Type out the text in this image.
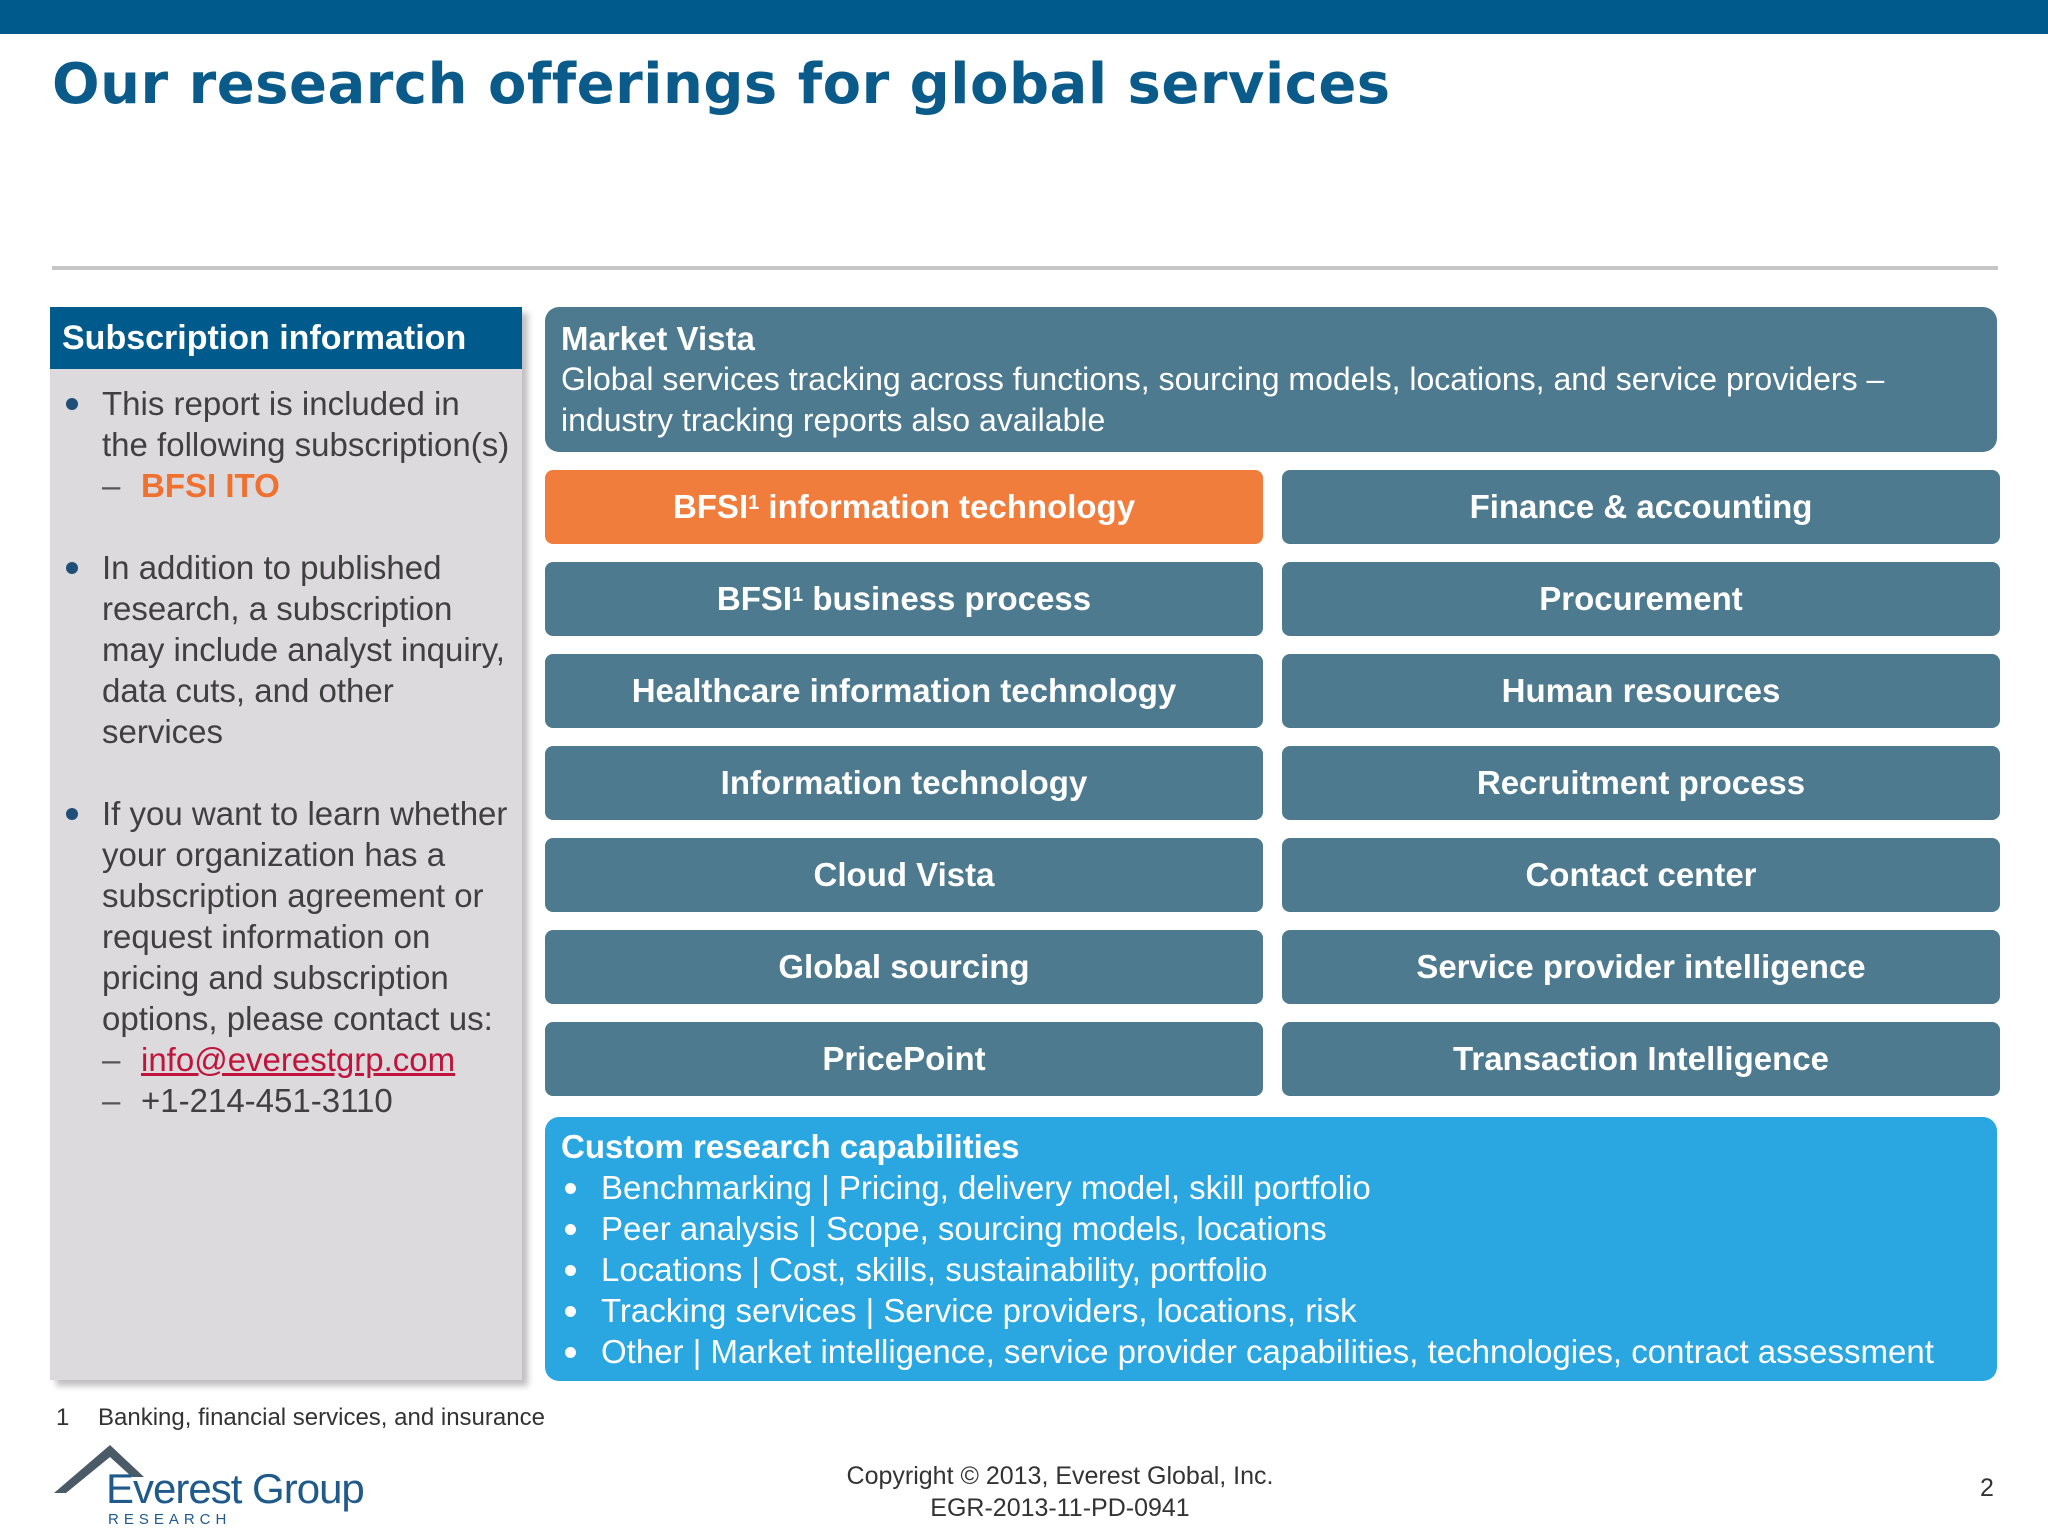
Our research offerings for global services
Subscription information
This report is included in the following subscription(s)
– BFSI ITO
In addition to published research, a subscription may include analyst inquiry, data cuts, and other services
If you want to learn whether your organization has a subscription agreement or request information on pricing and subscription options, please contact us:
– info@everestgrp.com
– +1-214-451-3110
Market Vista
Global services tracking across functions, sourcing models, locations, and service providers – industry tracking reports also available
BFSI$^1$ information technology
BFSI$^1$ business process
Healthcare information technology
Information technology
Cloud Vista
Global sourcing
PricePoint
Finance & accounting
Procurement
Human resources
Recruitment process
Contact center
Service provider intelligence
Transaction Intelligence
Custom research capabilities
Benchmarking | Pricing, delivery model, skill portfolio
Peer analysis | Scope, sourcing models, locations
Locations | Cost, skills, sustainability, portfolio
Tracking services | Service providers, locations, risk
Other | Market intelligence, service provider capabilities, technologies, contract assessment
1 Banking, financial services, and insurance
Everest Group
RESEARCH
Copyright © 2013, Everest Global, Inc.
EGR-2013-11-PD-0941
2
